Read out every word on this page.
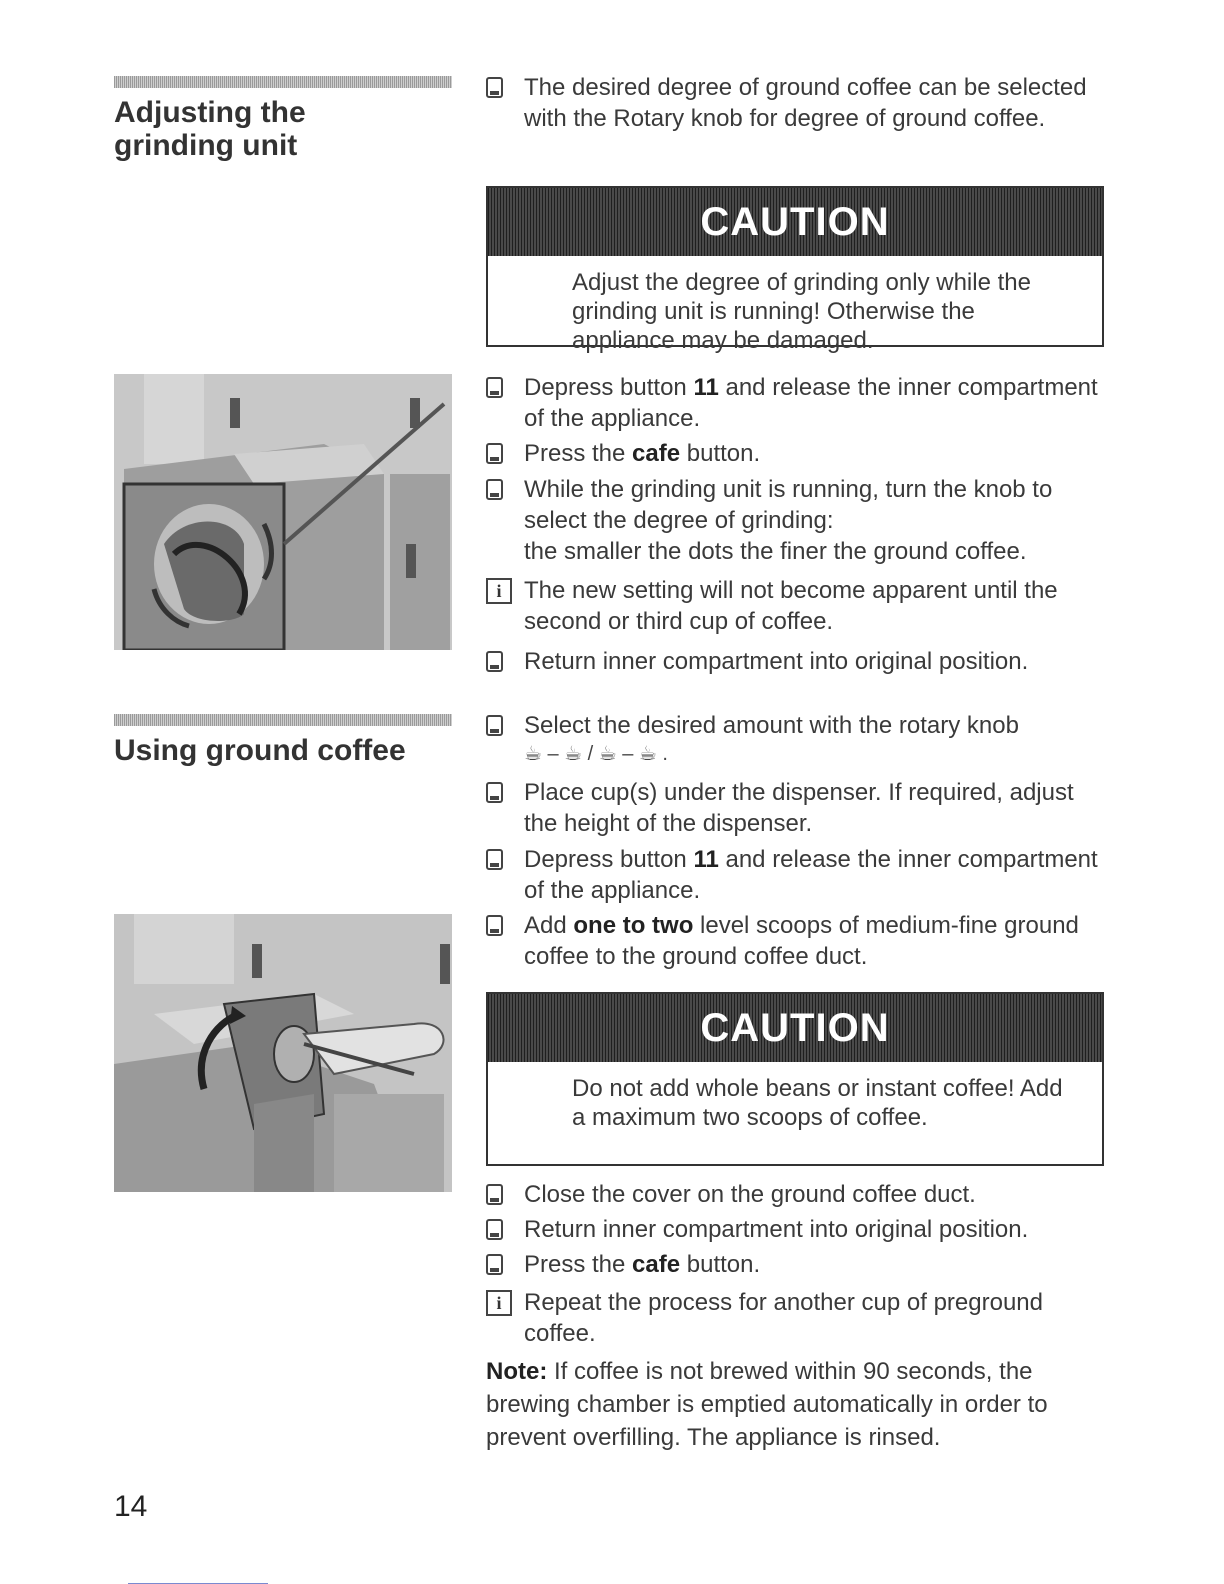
Adjusting the
grinding unit
Using ground coffee
The desired degree of ground coffee can be selected with the Rotary knob for degree of ground coffee.
CAUTION
Adjust the degree of grinding only while the grinding unit is running! Otherwise the appliance may be damaged.
Depress button 11 and release the inner compartment of the appliance.
Press the cafe button.
While the grinding unit is running, turn the knob to select the degree of grinding:
the smaller the dots the finer the ground coffee.
i The new setting will not become apparent until the second or third cup of coffee.
Return inner compartment into original position.
Select the desired amount with the rotary knob
☕ – ☕ / ☕ – ☕ .
Place cup(s) under the dispenser. If required, adjust the height of the dispenser.
Depress button 11 and release the inner compartment of the appliance.
Add one to two level scoops of medium-fine ground coffee to the ground coffee duct.
CAUTION
Do not add whole beans or instant coffee! Add a maximum two scoops of coffee.
Close the cover on the ground coffee duct.
Return inner compartment into original position.
Press the cafe button.
i Repeat the process for another cup of preground coffee.
Note: If coffee is not brewed within 90 seconds, the brewing chamber is emptied automatically in order to prevent overfilling. The appliance is rinsed.
14
